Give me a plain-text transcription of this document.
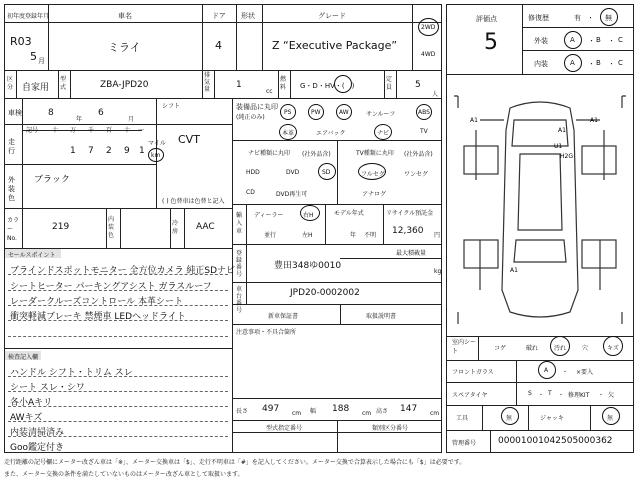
初年度登録年月
R03
5 月
車名
ミライ
ドア
4
形状	グレード
Z “Executive Package”
2WD
4WD
区分 自家用
型式	ZBA-JPD20
排気量	1
cc
燃料 G・D・HV・(　)
定員	5
人
評価点
5
修復歴	有 ・ 無
外装	A ・ B ・ C
内装	A ・ B ・ C
A1
U1
H2G
A1
A1
A1
車検	8
年
6
月
シフト
CVT
走行
記号 十 万 千 百 十 一
1 7 2 9 1
マイル
km
外装色
ブラック
( ) 色替車は色替と記入
カラーNo.
219
内装色
冷房	AAC
装備品に丸印
(純正のみ)
PS	PW	AW	サンルーフ	ABS
本革	エアバック	ナビ	TV
ナビ種類に丸印 (社外品含)
HDD	DVD	SD
CD	DVD再生可
TV種類に丸印 (社外品含)
フルセグ	ワンセグ
アナログ
輸入車
ディーラー	右H
並行	左H
モデル年式
年 不明
リサイクル預託金
12,360 円
セールスポイント
ブラインドスポットモニター 全方位カメラ 純正SDナビ
シートヒーター パーキングアシスト ガラスルーフ
レーダークルーズコントロール 本革シート
衝突軽減ブレーキ 禁煙車 LEDヘッドライト
登録番号
豊田348ゆ0010
最大積載量
kg
車台番号
JPD20-0002002
新車保証書	取扱説明書
注意事項・不具合箇所
検査記入欄
ハンドル シフト・トリム スレ
シート スレ・シワ
各小Aキリ
AWキズ
内装清掃済み
Goo鑑定付き
長さ 497 cm 幅 188 cm 高さ 147 cm
型式指定番号	類別区分番号
室内シート	コゲ	破れ	汚れ	穴	キズ
フロントガラス	A ・ ×要入
スペアタイヤ	S ・ T ・ 修理KIT ・ 欠
工具	無	ジャッキ	無
管理番号 00001001042505000362
走行距離の記号欄にメーター改ざん車は「※」、メーター交換車は「$」、走行不明車は「#」を記入してください。メーター交換で合算表示した場合にも「$」は必要です。
また、メーター交換の条件を満たしていないものはメーター改ざん車として取扱います。
